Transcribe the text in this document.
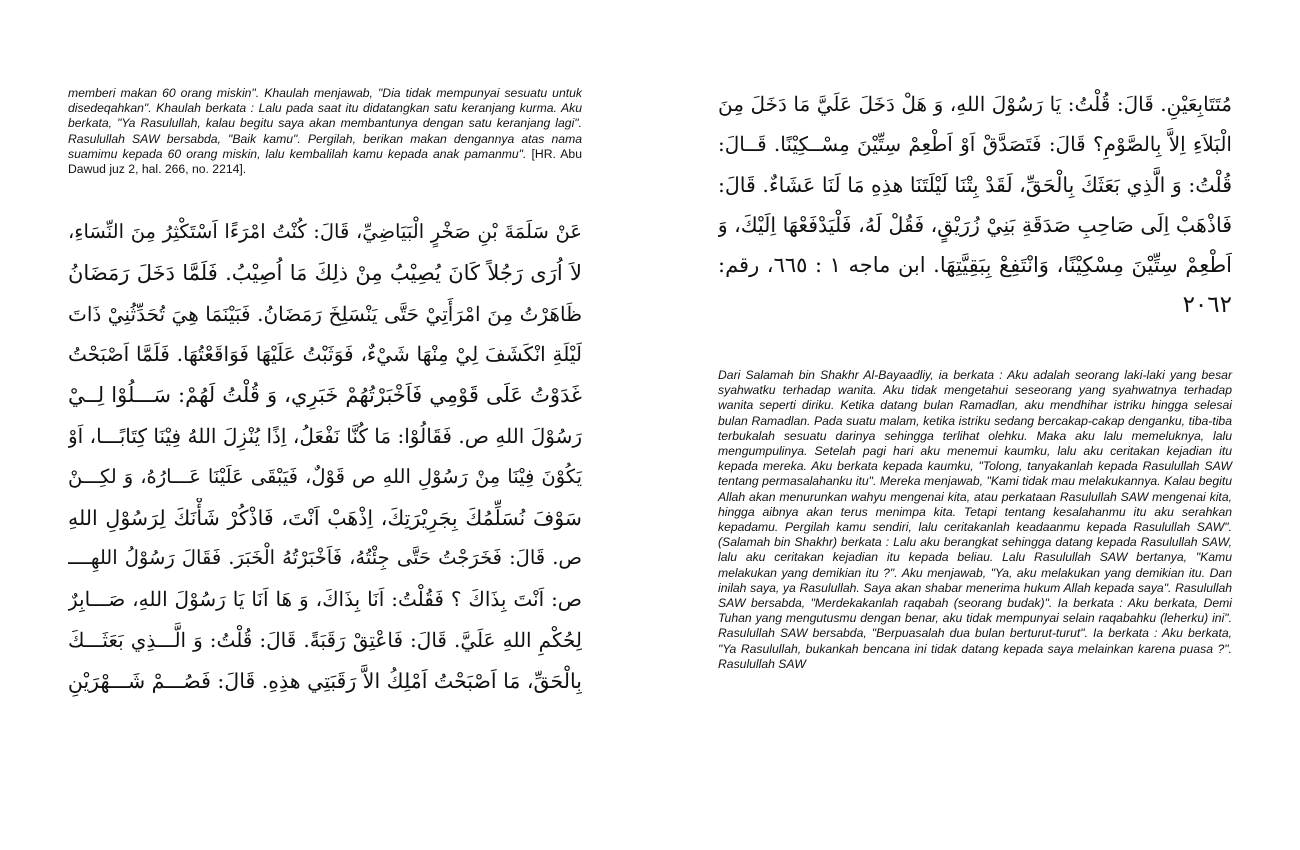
memberi makan 60 orang miskin". Khaulah menjawab, "Dia tidak mempunyai sesuatu untuk disedeqahkan". Khaulah berkata : Lalu pada saat itu didatangkan satu keranjang kurma. Aku berkata, "Ya Rasulullah, kalau begitu saya akan membantunya dengan satu keranjang lagi". Rasulullah SAW bersabda, "Baik kamu". Pergilah, berikan makan dengannya atas nama suamimu kepada 60 orang miskin, lalu kembalilah kamu kepada anak pamanmu". [HR. Abu Dawud juz 2, hal. 266, no. 2214].
عَنْ سَلَمَةَ بْنِ صَخْرٍ الْبَيَاضِيِّ، قَالَ: كُنْتُ امْرَءًا اَسْتَكْثِرُ مِنَ النِّسَاءِ،
لاَ اُرَى رَجُلاً كَانَ يُصِيْبُ مِنْ ذلِكَ مَا اُصِيْبُ. فَلَمَّا دَخَلَ رَمَضَانُ
ظَاهَرْتُ مِنَ امْرَأَتِيْ حَتَّى يَنْسَلِخَ رَمَضَانُ. فَبَيْنَمَا هِيَ تُحَدِّثُنِيْ ذَاتَ
لَيْلَةِ انْكَشَفَ لِيْ مِنْهَا شَيْءٌ، فَوَثَبْتُ عَلَيْهَا فَوَاقَعْتُهَا. فَلَمَّا اَصْبَحْتُ
غَدَوْتُ عَلَى قَوْمِي فَاَخْبَرْتُهُمْ خَبَرِي، وَ قُلْتُ لَهُمْ: سَـــلُوْا لِــيْ
رَسُوْلَ اللهِ ص. فَقَالُوْا: مَا كُنَّا نَفْعَلُ، اِذًا يُنْزِلَ اللهُ فِيْنَا كِتَابًـــا، اَوْ
يَكُوْنَ فِيْنَا مِنْ رَسُوْلِ اللهِ ص قَوْلٌ، فَيَبْقَى عَلَيْنَا عَـــارُهُ، وَ لكِـــنْ
سَوْفَ نُسَلِّمُكَ بِجَرِيْرَتِكَ، اِذْهَبْ اَنْتَ، فَاذْكُرْ شَأْنَكَ لِرَسُوْلِ اللهِ
ص. قَالَ: فَخَرَجْتُ حَتَّى جِئْتُهُ، فَاَخْبَرْتُهُ الْخَبَرَ. فَقَالَ رَسُوْلُ اللهِــــ
ص: اَنْتَ بِذَاكَ ؟ فَقُلْتُ: اَنَا بِذَاكَ، وَ هَا اَنَا يَا رَسُوْلَ اللهِ، صَـــابِرٌ
لِحُكْمِ اللهِ عَلَيَّ. قَالَ: فَاعْتِقْ رَقَبَةً. قَالَ: قُلْتُ: وَ الَّـــذِي بَعَثَـــكَ
بِالْحَقِّ، مَا اَصْبَحْتُ اَمْلِكُ الاَّ رَقَبَتِي هذِهِ. قَالَ: فَصُـــمْ شَـــهْرَيْنِ
مُتَتَابِعَيْنِ. قَالَ: قُلْتُ: يَا رَسُوْلَ اللهِ، وَ هَلْ دَخَلَ عَلَيَّ مَا دَخَلَ مِنَ
الْبَلاَءِ اِلاَّ بِالصَّوْمِ؟ قَالَ: فَتَصَدَّقْ اَوْ اَطْعِمْ سِتِّيْنَ مِسْــكِيْنًا. قَــالَ:
قُلْتُ: وَ الَّذِي بَعَثَكَ بِالْحَقِّ، لَقَدْ بِتْنَا لَيْلَتَنَا هذِهِ مَا لَنَا عَشَاءٌ. قَالَ:
فَاذْهَبْ اِلَى صَاحِبِ صَدَقَةِ بَنِيْ زُرَيْقٍ، فَقُلْ لَهُ، فَلْيَدْفَعْهَا اِلَيْكَ، وَ
اَطْعِمْ سِتِّيْنَ مِسْكِيْنًا، وَانْتَفِعْ بِبَقِيَّتِهَا. ابن ماجه ١ : ٦٦٥، رقم:
٢٠٦٢
Dari Salamah bin Shakhr Al-Bayaadliy, ia berkata : Aku adalah seorang laki-laki yang besar syahwatku terhadap wanita. Aku tidak mengetahui seseorang yang syahwatnya terhadap wanita seperti diriku. Ketika datang bulan Ramadlan, aku mendhihar istriku hingga selesai bulan Ramadlan. Pada suatu malam, ketika istriku sedang bercakap-cakap denganku, tiba-tiba terbukalah sesuatu darinya sehingga terlihat olehku. Maka aku lalu memeluknya, lalu mengumpulinya. Setelah pagi hari aku menemui kaumku, lalu aku ceritakan kejadian itu kepada mereka. Aku berkata kepada kaumku, "Tolong, tanyakanlah kepada Rasulullah SAW tentang permasalahanku itu". Mereka menjawab, "Kami tidak mau melakukannya. Kalau begitu Allah akan menurunkan wahyu mengenai kita, atau perkataan Rasulullah SAW mengenai kita, hingga aibnya akan terus menimpa kita. Tetapi tentang kesalahanmu itu aku serahkan kepadamu. Pergilah kamu sendiri, lalu ceritakanlah keadaanmu kepada Rasulullah SAW". (Salamah bin Shakhr) berkata : Lalu aku berangkat sehingga datang kepada Rasulullah SAW, lalu aku ceritakan kejadian itu kepada beliau. Lalu Rasulullah SAW bertanya, "Kamu melakukan yang demikian itu ?". Aku menjawab, "Ya, aku melakukan yang demikian itu. Dan inilah saya, ya Rasulullah. Saya akan shabar menerima hukum Allah kepada saya". Rasulullah SAW bersabda, "Merdekakanlah raqabah (seorang budak)". Ia berkata : Aku berkata, Demi Tuhan yang mengutusmu dengan benar, aku tidak mempunyai selain raqabahku (leherku) ini". Rasulullah SAW bersabda, "Berpuasalah dua bulan berturut-turut". Ia berkata : Aku berkata, "Ya Rasulullah, bukankah bencana ini tidak datang kepada saya melainkan karena puasa ?". Rasulullah SAW
